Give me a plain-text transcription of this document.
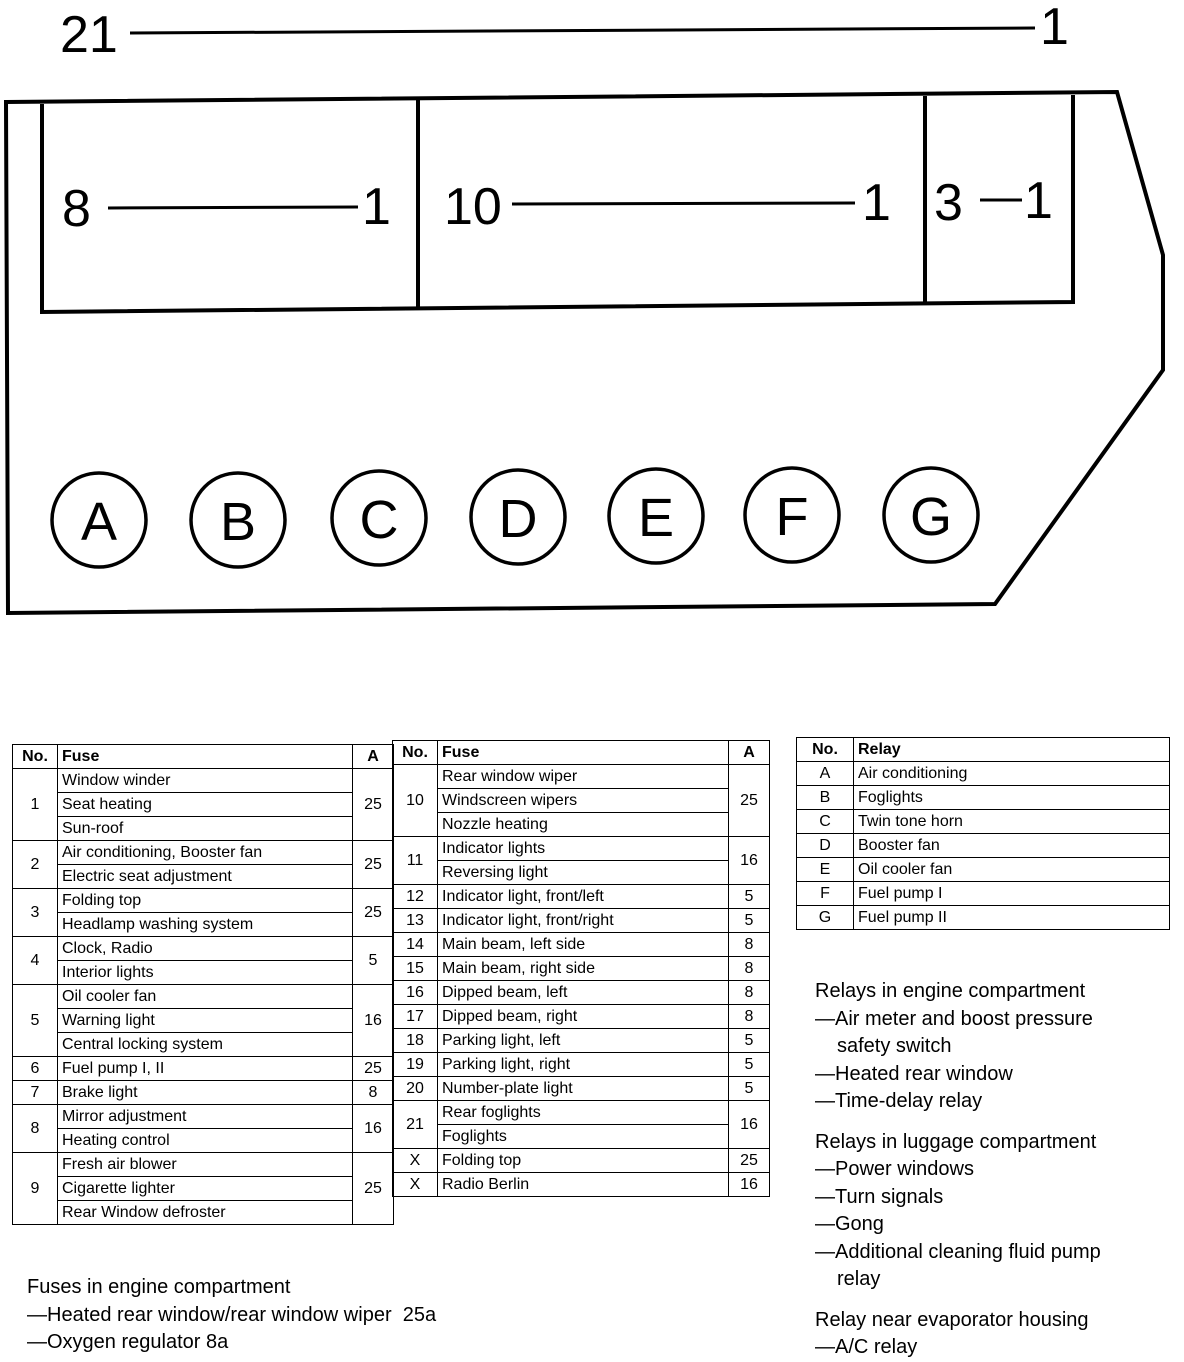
21	1
8	1 10	1 3 1
A B C D E F G
No.	Fuse	A
1	Window winder	25
	Seat heating	
	Sun-roof	
2	Air conditioning, Booster fan	25
	Electric seat adjustment	
3	Folding top	25
	Headlamp washing system	
4	Clock, Radio	5
	Interior lights	
5	Oil cooler fan	16
	Warning light	
	Central locking system	
6	Fuel pump I, II	25
7	Brake light	8
8	Mirror adjustment	16
	Heating control	
9	Fresh air blower	25
	Cigarette lighter	
	Rear Window defroster	
No.	Fuse	A
10	Rear window wiper	25
	Windscreen wipers	
	Nozzle heating	
11	Indicator lights	16
	Reversing light	
12	Indicator light, front/left	5
13	Indicator light, front/right	5
14	Main beam, left side	8
15	Main beam, right side	8
16	Dipped beam, left	8
17	Dipped beam, right	8
18	Parking light, left	5
19	Parking light, right	5
20	Number-plate light	5
21	Rear foglights	16
	Foglights	
X	Folding top	25
X	Radio Berlin	16
No.	Relay
A	Air conditioning
B	Foglights
C	Twin tone horn
D	Booster fan
E	Oil cooler fan
F	Fuel pump I
G	Fuel pump II
Relays in engine compartment
—Air meter and boost pressure
safety switch
—Heated rear window
—Time-delay relay
Relays in luggage compartment
—Power windows
—Turn signals
—Gong
—Additional cleaning fluid pump
relay
Relay near evaporator housing
—A/C relay
Fuses in engine compartment
—Heated rear window/rear window wiper  25a
—Oxygen regulator 8a
